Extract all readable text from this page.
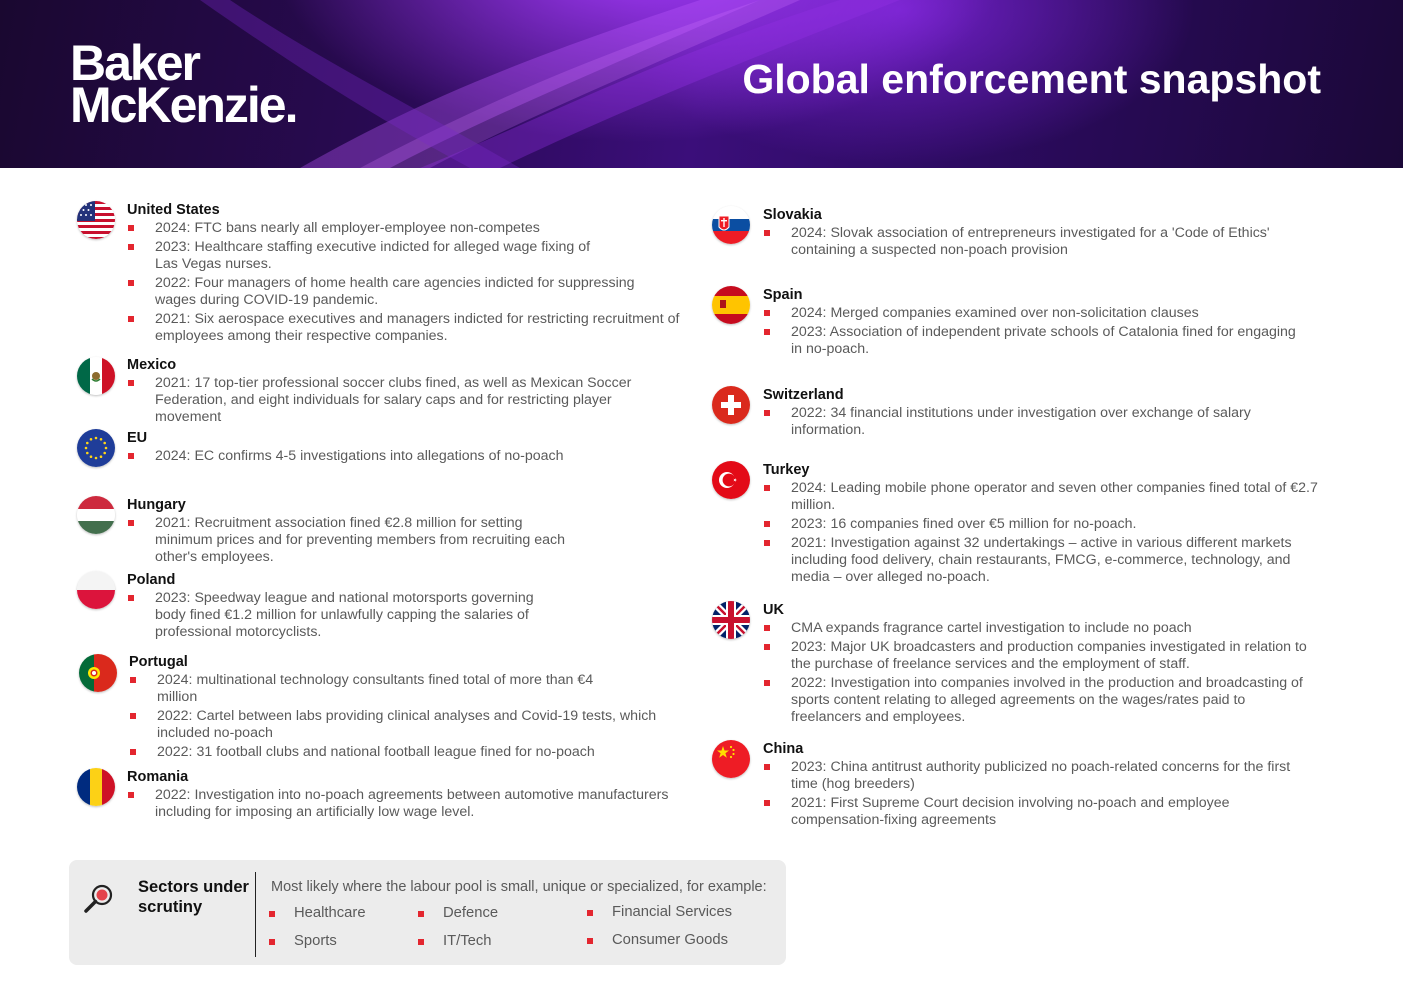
Baker
McKenzie.	Global enforcement snapshot
United States
2024: FTC bans nearly all employer-employee non-competes
2023: Healthcare staffing executive indicted for alleged wage fixing of Las Vegas nurses.
2022: Four managers of home health care agencies indicted for suppressing wages during COVID-19 pandemic.
2021: Six aerospace executives and managers indicted for restricting recruitment of employees among their respective companies.
Mexico
2021: 17 top-tier professional soccer clubs fined, as well as Mexican Soccer Federation, and eight individuals for salary caps and for restricting player movement
EU
2024: EC confirms 4-5 investigations into allegations of no-poach
Hungary
2021: Recruitment association fined €2.8 million for setting minimum prices and for preventing members from recruiting each other's employees.
Poland
2023: Speedway league and national motorsports governing body fined €1.2 million for unlawfully capping the salaries of professional motorcyclists.
Portugal
2024: multinational technology consultants fined total of more than €4 million
2022: Cartel between labs providing clinical analyses and Covid-19 tests, which included no-poach
2022: 31 football clubs and national football league fined for no-poach
Romania
2022: Investigation into no-poach agreements between automotive manufacturers including for imposing an artificially low wage level.
Slovakia
2024: Slovak association of entrepreneurs investigated for a 'Code of Ethics' containing a suspected non-poach provision
Spain
2024: Merged companies examined over non-solicitation clauses
2023: Association of independent private schools of Catalonia fined for engaging in no-poach.
Switzerland
2022: 34 financial institutions under investigation over exchange of salary information.
Turkey
2024: Leading mobile phone operator and seven other companies fined total of €2.7 million.
2023: 16 companies fined over €5 million for no-poach.
2021: Investigation against 32 undertakings – active in various different markets including food delivery, chain restaurants, FMCG, e-commerce, technology, and media – over alleged no-poach.
UK
CMA expands fragrance cartel investigation to include no poach
2023: Major UK broadcasters and production companies investigated in relation to the purchase of freelance services and the employment of staff.
2022: Investigation into companies involved in the production and broadcasting of sports content relating to alleged agreements on the wages/rates paid to freelancers and employees.
China
2023: China antitrust authority publicized no poach-related concerns for the first time (hog breeders)
2021: First Supreme Court decision involving no-poach and employee compensation-fixing agreements
Sectors under scrutiny
Most likely where the labour pool is small, unique or specialized, for example:
Healthcare	Defence	Financial Services
Sports	IT/Tech	Consumer Goods
